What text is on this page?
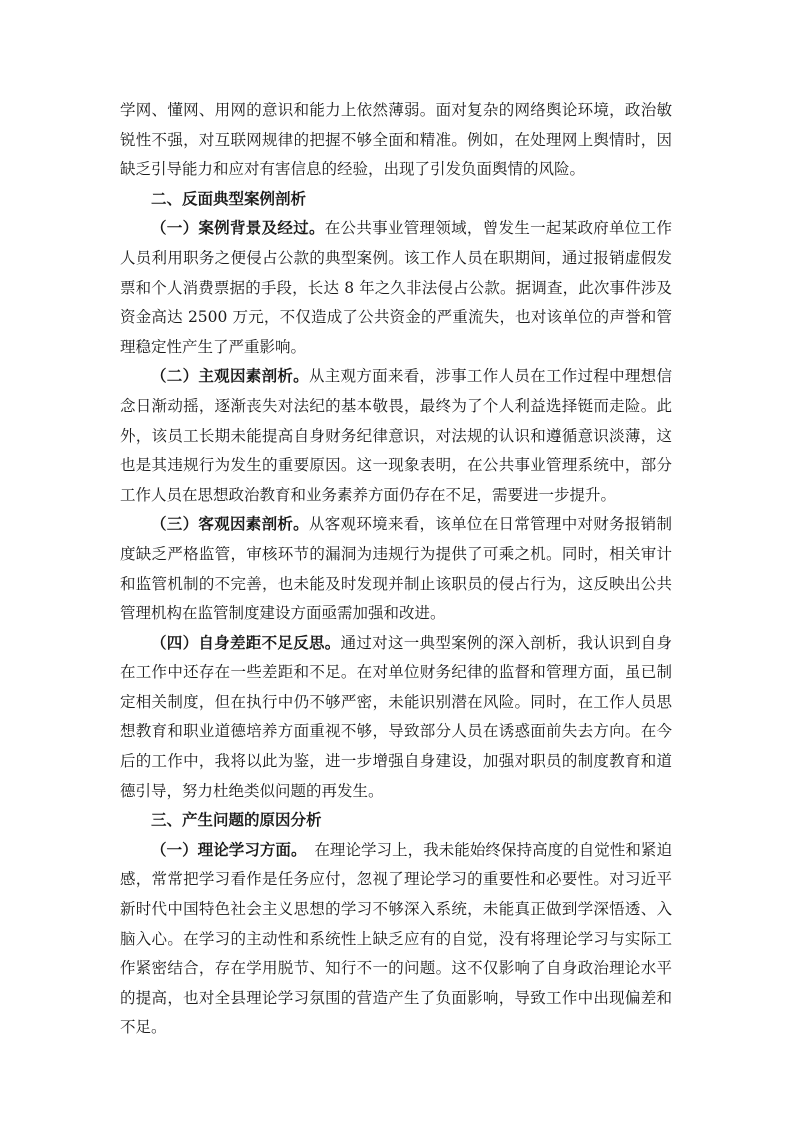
学网、懂网、用网的意识和能力上依然薄弱。面对复杂的网络舆论环境，政治敏锐性不强，对互联网规律的把握不够全面和精准。例如，在处理网上舆情时，因缺乏引导能力和应对有害信息的经验，出现了引发负面舆情的风险。

二、反面典型案例剖析

（一）案例背景及经过。在公共事业管理领域，曾发生一起某政府单位工作人员利用职务之便侵占公款的典型案例。该工作人员在职期间，通过报销虚假发票和个人消费票据的手段，长达 8 年之久非法侵占公款。据调查，此次事件涉及资金高达 2500 万元，不仅造成了公共资金的严重流失，也对该单位的声誉和管理稳定性产生了严重影响。

（二）主观因素剖析。从主观方面来看，涉事工作人员在工作过程中理想信念日渐动摇，逐渐丧失对法纪的基本敬畏，最终为了个人利益选择铤而走险。此外，该员工长期未能提高自身财务纪律意识，对法规的认识和遵循意识淡薄，这也是其违规行为发生的重要原因。这一现象表明，在公共事业管理系统中，部分工作人员在思想政治教育和业务素养方面仍存在不足，需要进一步提升。

（三）客观因素剖析。从客观环境来看，该单位在日常管理中对财务报销制度缺乏严格监管，审核环节的漏洞为违规行为提供了可乘之机。同时，相关审计和监管机制的不完善，也未能及时发现并制止该职员的侵占行为，这反映出公共管理机构在监管制度建设方面亟需加强和改进。

（四）自身差距不足反思。通过对这一典型案例的深入剖析，我认识到自身在工作中还存在一些差距和不足。在对单位财务纪律的监督和管理方面，虽已制定相关制度，但在执行中仍不够严密，未能识别潜在风险。同时，在工作人员思想教育和职业道德培养方面重视不够，导致部分人员在诱惑面前失去方向。在今后的工作中，我将以此为鉴，进一步增强自身建设，加强对职员的制度教育和道德引导，努力杜绝类似问题的再发生。

三、产生问题的原因分析

（一）理论学习方面。　在理论学习上，我未能始终保持高度的自觉性和紧迫感，常常把学习看作是任务应付，忽视了理论学习的重要性和必要性。对习近平新时代中国特色社会主义思想的学习不够深入系统，未能真正做到学深悟透、入脑入心。在学习的主动性和系统性上缺乏应有的自觉，没有将理论学习与实际工作紧密结合，存在学用脱节、知行不一的问题。这不仅影响了自身政治理论水平的提高，也对全县理论学习氛围的营造产生了负面影响，导致工作中出现偏差和不足。
